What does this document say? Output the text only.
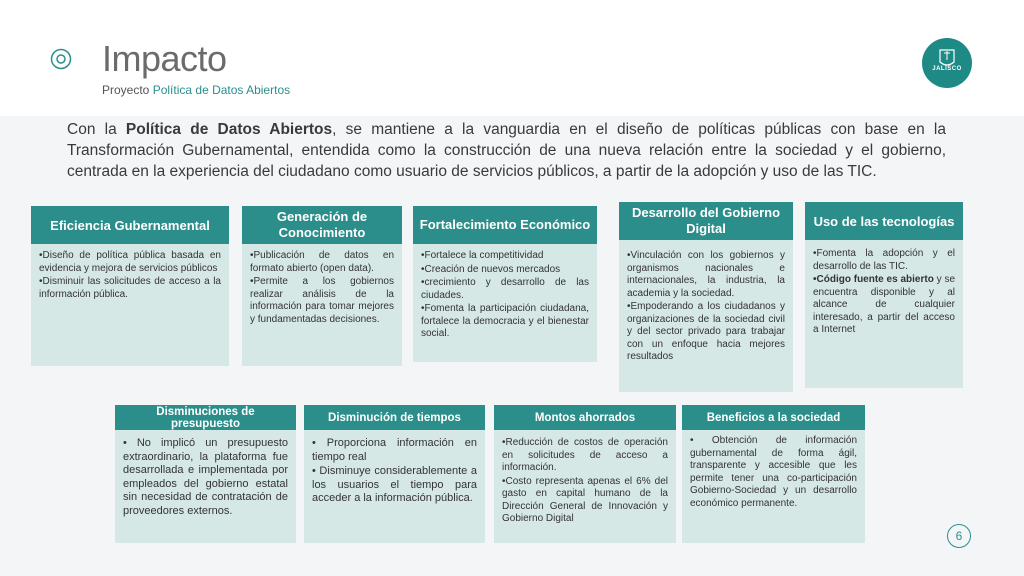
Impacto
Proyecto Política de Datos Abiertos
JALISCO
Con la Política de Datos Abiertos, se mantiene a la vanguardia en el diseño de políticas públicas con base en la Transformación Gubernamental, entendida como la construcción de una nueva relación entre la sociedad y el gobierno, centrada en la experiencia del ciudadano como usuario de servicios públicos, a partir de la adopción y uso de las TIC.
Eficiencia Gubernamental
•Diseño de política pública basada en evidencia y mejora de servicios públicos
•Disminuir las solicitudes de acceso a la información pública.
Generación de Conocimiento
•Publicación de datos en formato abierto (open data).
•Permite a los gobiernos realizar análisis de la información para tomar mejores y fundamentadas decisiones.
Fortalecimiento Económico
•Fortalece la competitividad
•Creación de nuevos mercados
•crecimiento y desarrollo de las ciudades.
•Fomenta la participación ciudadana, fortalece la democracia y el bienestar social.
Desarrollo del Gobierno Digital
•Vinculación con los gobiernos y organismos nacionales e internacionales, la industria, la academia y la sociedad.
•Empoderando a los ciudadanos y organizaciones de la sociedad civil y del sector privado para trabajar con un enfoque hacia mejores resultados
Uso de las tecnologías
•Fomenta la adopción y el desarrollo de las TIC.
•Código fuente es abierto y se encuentra disponible y al alcance de cualquier interesado, a partir del acceso a Internet
Disminuciones de presupuesto
• No implicó un presupuesto extraordinario, la plataforma fue desarrollada e implementada por empleados del gobierno estatal sin necesidad de contratación de proveedores externos.
Disminución de tiempos
• Proporciona información en tiempo real
• Disminuye considerablemente a los usuarios el tiempo para acceder a la información pública.
Montos ahorrados
•Reducción de costos de operación en solicitudes de acceso a información.
•Costo representa apenas el 6% del gasto en capital humano de la Dirección General de Innovación y Gobierno Digital
Beneficios a la sociedad
• Obtención de información gubernamental de forma ágil, transparente y accesible que les permite tener una co-participación Gobierno-Sociedad y un desarrollo económico permanente.
6
